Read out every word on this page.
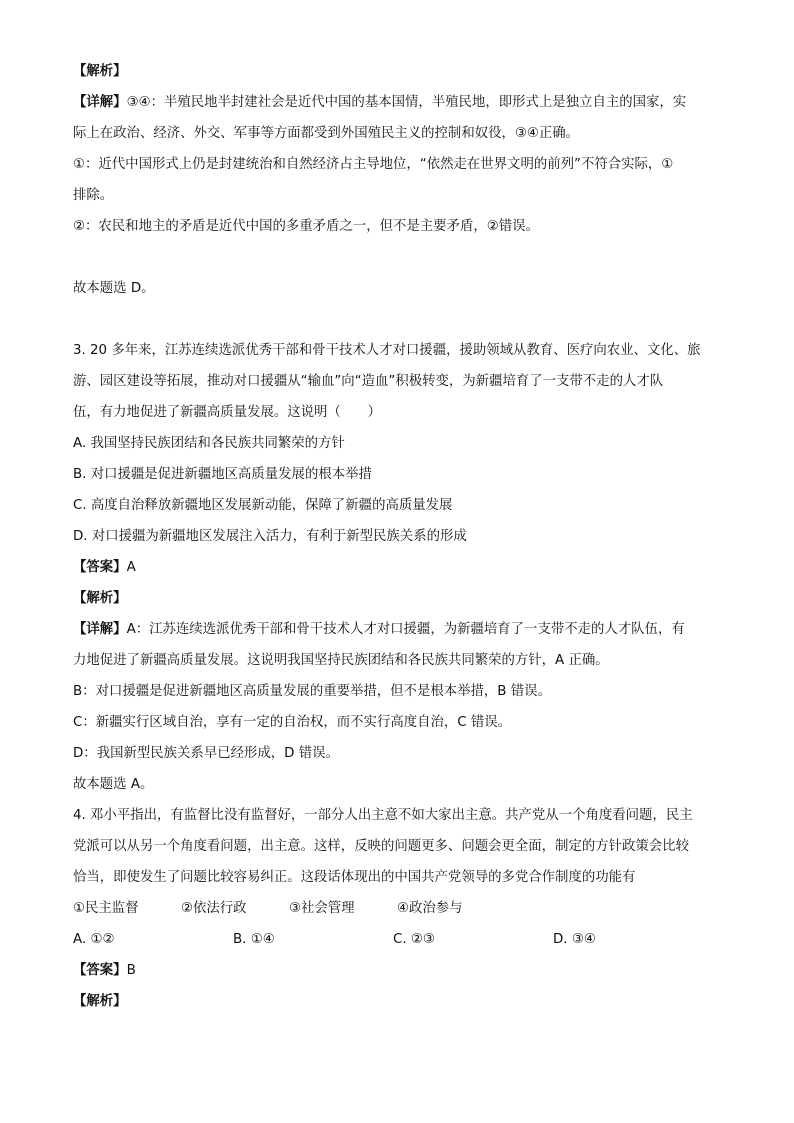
【解析】

【详解】③④：半殖民地半封建社会是近代中国的基本国情，半殖民地，即形式上是独立自主的国家，实

际上在政治、经济、外交、军事等方面都受到外国殖民主义的控制和奴役，③④正确。

①：近代中国形式上仍是封建统治和自然经济占主导地位，“依然走在世界文明的前列”不符合实际，①

排除。

②：农民和地主的矛盾是近代中国的多重矛盾之一，但不是主要矛盾，②错误。

故本题选 D。

3. 20 多年来，江苏连续选派优秀干部和骨干技术人才对口援疆，援助领域从教育、医疗向农业、文化、旅

游、园区建设等拓展，推动对口援疆从“输血”向“造血”积极转变，为新疆培育了一支带不走的人才队

伍，有力地促进了新疆高质量发展。这说明（　　）

A. 我国坚持民族团结和各民族共同繁荣的方针

B. 对口援疆是促进新疆地区高质量发展的根本举措

C. 高度自治释放新疆地区发展新动能，保障了新疆的高质量发展

D. 对口援疆为新疆地区发展注入活力，有利于新型民族关系的形成

【答案】A

【解析】

【详解】A：江苏连续选派优秀干部和骨干技术人才对口援疆，为新疆培育了一支带不走的人才队伍，有

力地促进了新疆高质量发展。这说明我国坚持民族团结和各民族共同繁荣的方针，A 正确。

B：对口援疆是促进新疆地区高质量发展的重要举措，但不是根本举措，B 错误。

C：新疆实行区域自治，享有一定的自治权，而不实行高度自治，C 错误。

D：我国新型民族关系早已经形成，D 错误。

故本题选 A。

4. 邓小平指出，有监督比没有监督好，一部分人出主意不如大家出主意。共产党从一个角度看问题，民主

党派可以从另一个角度看问题，出主意。这样，反映的问题更多、问题会更全面，制定的方针政策会比较

恰当，即使发生了问题比较容易纠正。这段话体现出的中国共产党领导的多党合作制度的功能有

①民主监督	②依法行政	③社会管理	④政治参与

A. ①②	B. ①④	C. ②③	D. ③④

【答案】B

【解析】
